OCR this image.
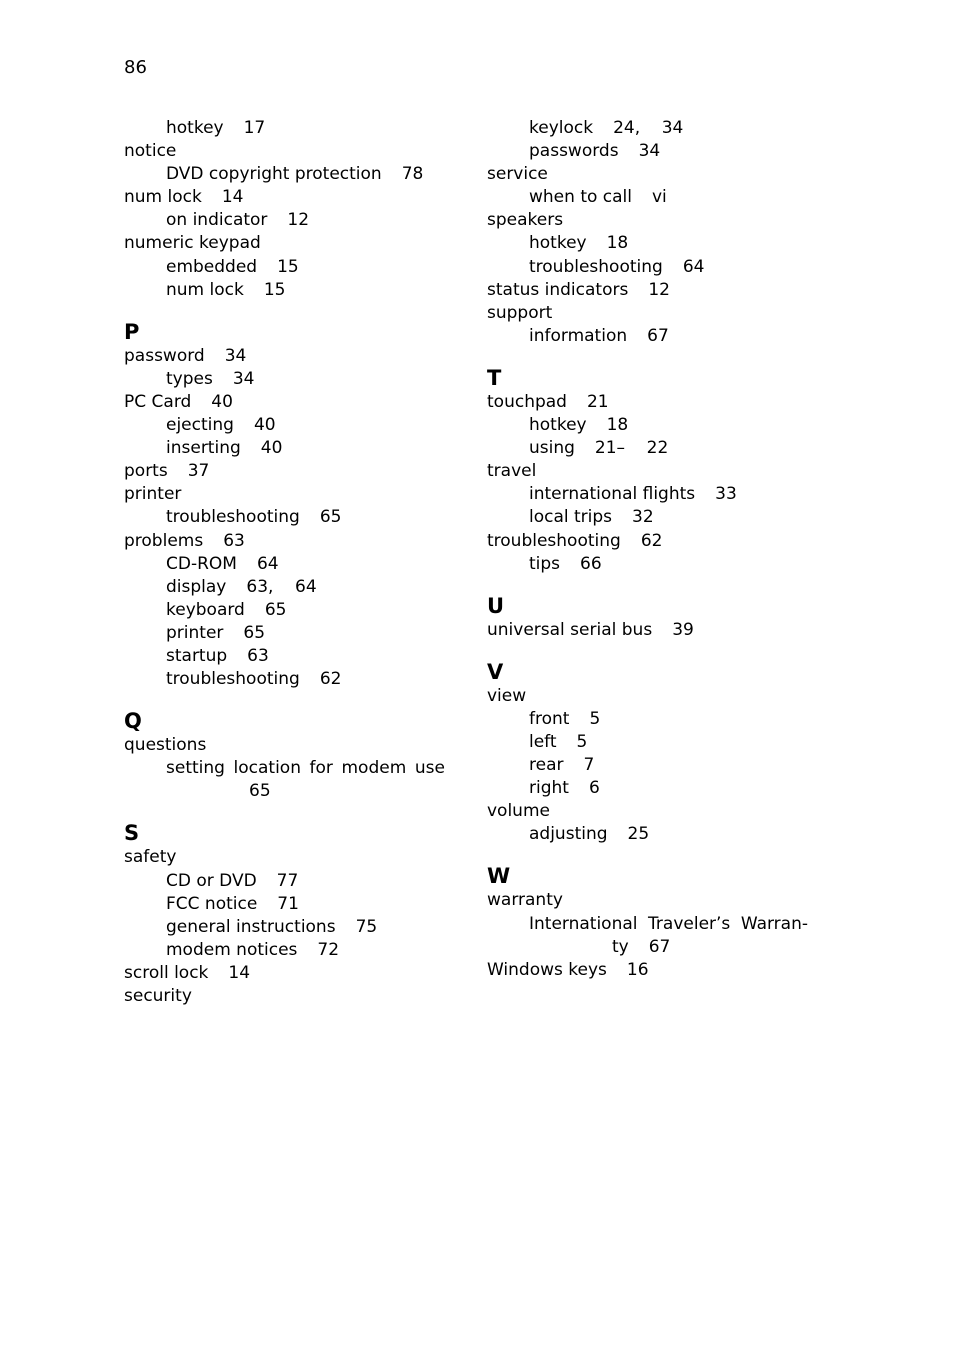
86
hotkey 17
notice
DVD copyright protection 78
num lock 14
on indicator 12
numeric keypad
embedded 15
num lock 15
P
password 34
types 34
PC Card 40
ejecting 40
inserting 40
ports 37
printer
troubleshooting 65
problems 63
CD-ROM 64
display 63,    64
keyboard 65
printer 65
startup 63
troubleshooting 62
Q
questions
setting location for modem use
65
S
safety
CD or DVD 77
FCC notice 71
general instructions 75
modem notices 72
scroll lock 14
security
keylock 24,    34
passwords 34
service
when to call vi
speakers
hotkey 18
troubleshooting 64
status indicators 12
support
information 67
T
touchpad 21
hotkey 18
using 21–    22
travel
international flights 33
local trips 32
troubleshooting 62
tips 66
U
universal serial bus 39
V
view
front 5
left 5
rear 7
right 6
volume
adjusting 25
W
warranty
International Traveler’s Warran-
ty 67
Windows keys 16
